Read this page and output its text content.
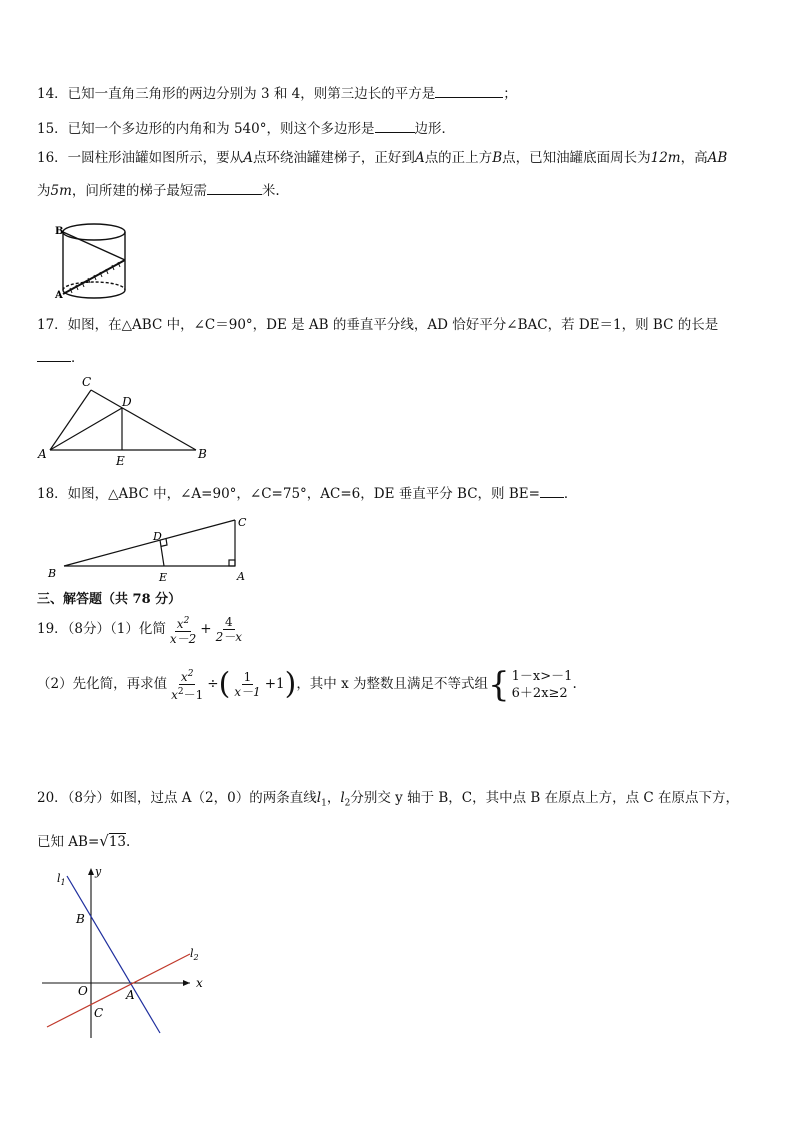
14．已知一直角三角形的两边分别为 3 和 4，则第三边长的平方是	；
15．已知一个多边形的内角和为 540°，则这个多边形是	边形．
16．一圆柱形油罐如图所示，要从A点环绕油罐建梯子，正好到A点的正上方B点，已知油罐底面周长为12m，高AB
为5m，问所建的梯子最短需	米.
B
A
17．如图，在△ABC 中，∠C＝90°，DE 是 AB 的垂直平分线，AD 恰好平分∠BAC，若 DE＝1，则 BC 的长是
．
C
D
A	E	B
18．如图，△ABC 中，∠A=90°，∠C=75°，AC=6，DE 垂直平分 BC，则 BE= ．
C
D
B	E	A
三、解答题（共 78 分）
19．（8分）（1）化简 $\frac{x^2}{x-2} + \frac{4}{2-x}$
（2）先化简，再求值 $\frac{x^2}{x^2-1}$ ÷( $\frac{1}{x-1} +1$)，其中 x 为整数且满足不等式组 { 1－x>－1
6＋2x≥2
.
20．（8分）如图，过点 A（2，0）的两条直线$l_1$，$l_2$分别交 y 轴于 B，C，其中点 B 在原点上方，点 C 在原点下方，
已知 AB=√13.
$l_1$
y
B
$l_2$
x
O	A
C
